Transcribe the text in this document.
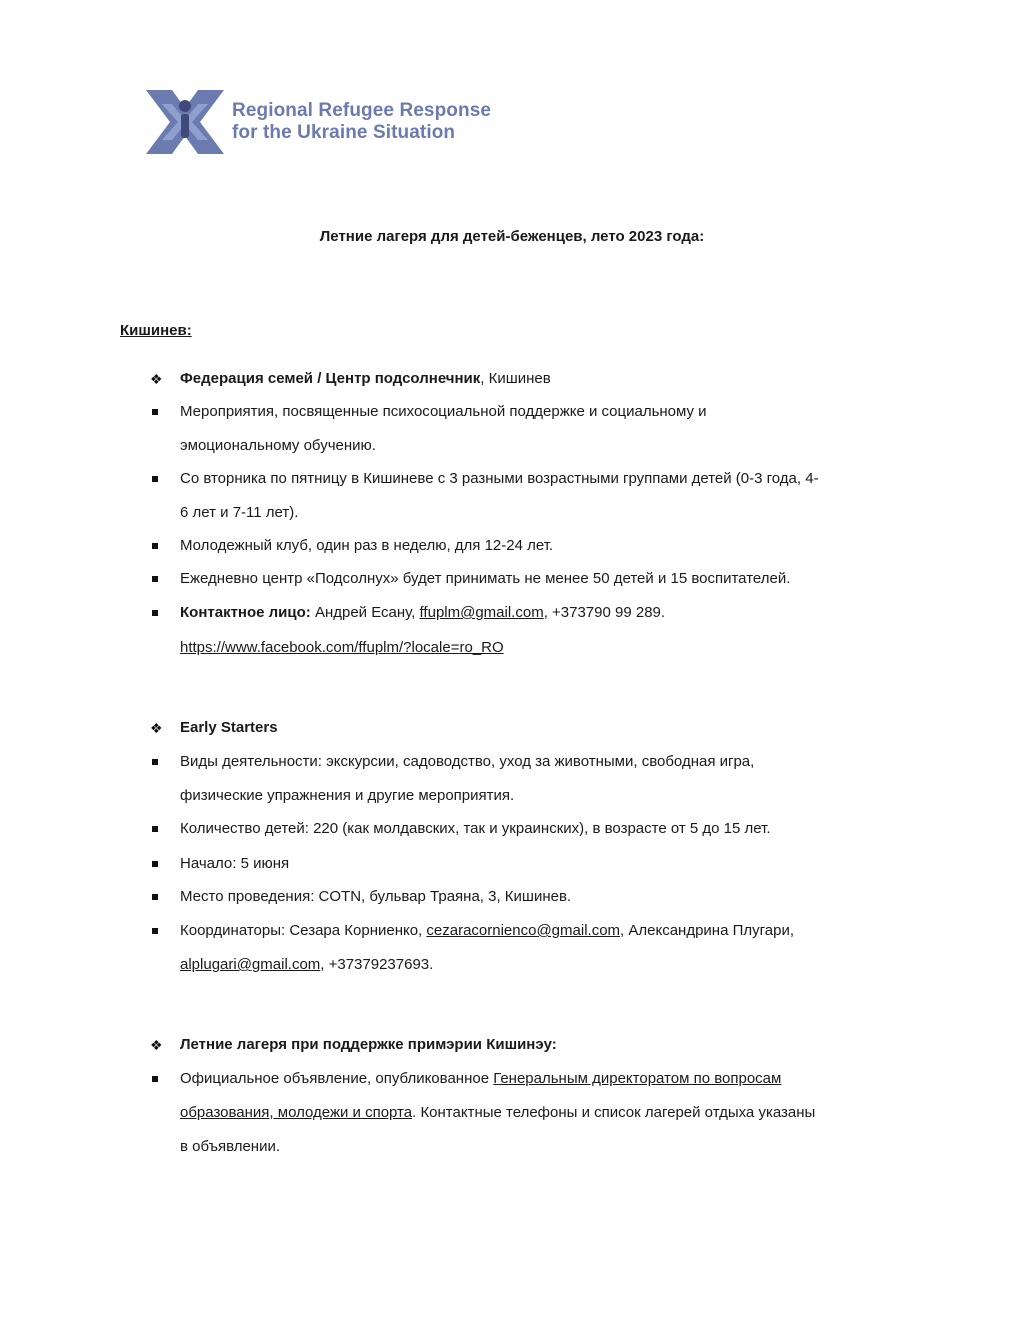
Regional Refugee Response
for the Ukraine Situation
Летние лагеря для детей-беженцев, лето 2023 года:
Кишинев:
❖ Федерация семей / Центр подсолнечник, Кишинев
Мероприятия, посвященные психосоциальной поддержке и социальному и
эмоциональному обучению.
Со вторника по пятницу в Кишиневе с 3 разными возрастными группами детей (0-3 года, 4-
6 лет и 7-11 лет).
Молодежный клуб, один раз в неделю, для 12-24 лет.
Ежедневно центр «Подсолнух» будет принимать не менее 50 детей и 15 воспитателей.
Контактное лицо: Андрей Есану, ffuplm@gmail.com, +373790 99 289.
https://www.facebook.com/ffuplm/?locale=ro_RO
❖ Early Starters
Виды деятельности: экскурсии, садоводство, уход за животными, свободная игра,
физические упражнения и другие мероприятия.
Количество детей: 220 (как молдавских, так и украинских), в возрасте от 5 до 15 лет.
Начало: 5 июня
Место проведения: COTN, бульвар Траяна, 3, Кишинев.
Координаторы: Сезара Корниенко, cezaracornienco@gmail.com, Александрина Плугари,
alplugari@gmail.com, +37379237693.
❖ Летние лагеря при поддержке примэрии Кишинэу:
Официальное объявление, опубликованное Генеральным директоратом по вопросам
образования, молодежи и спорта. Контактные телефоны и список лагерей отдыха указаны
в объявлении.
